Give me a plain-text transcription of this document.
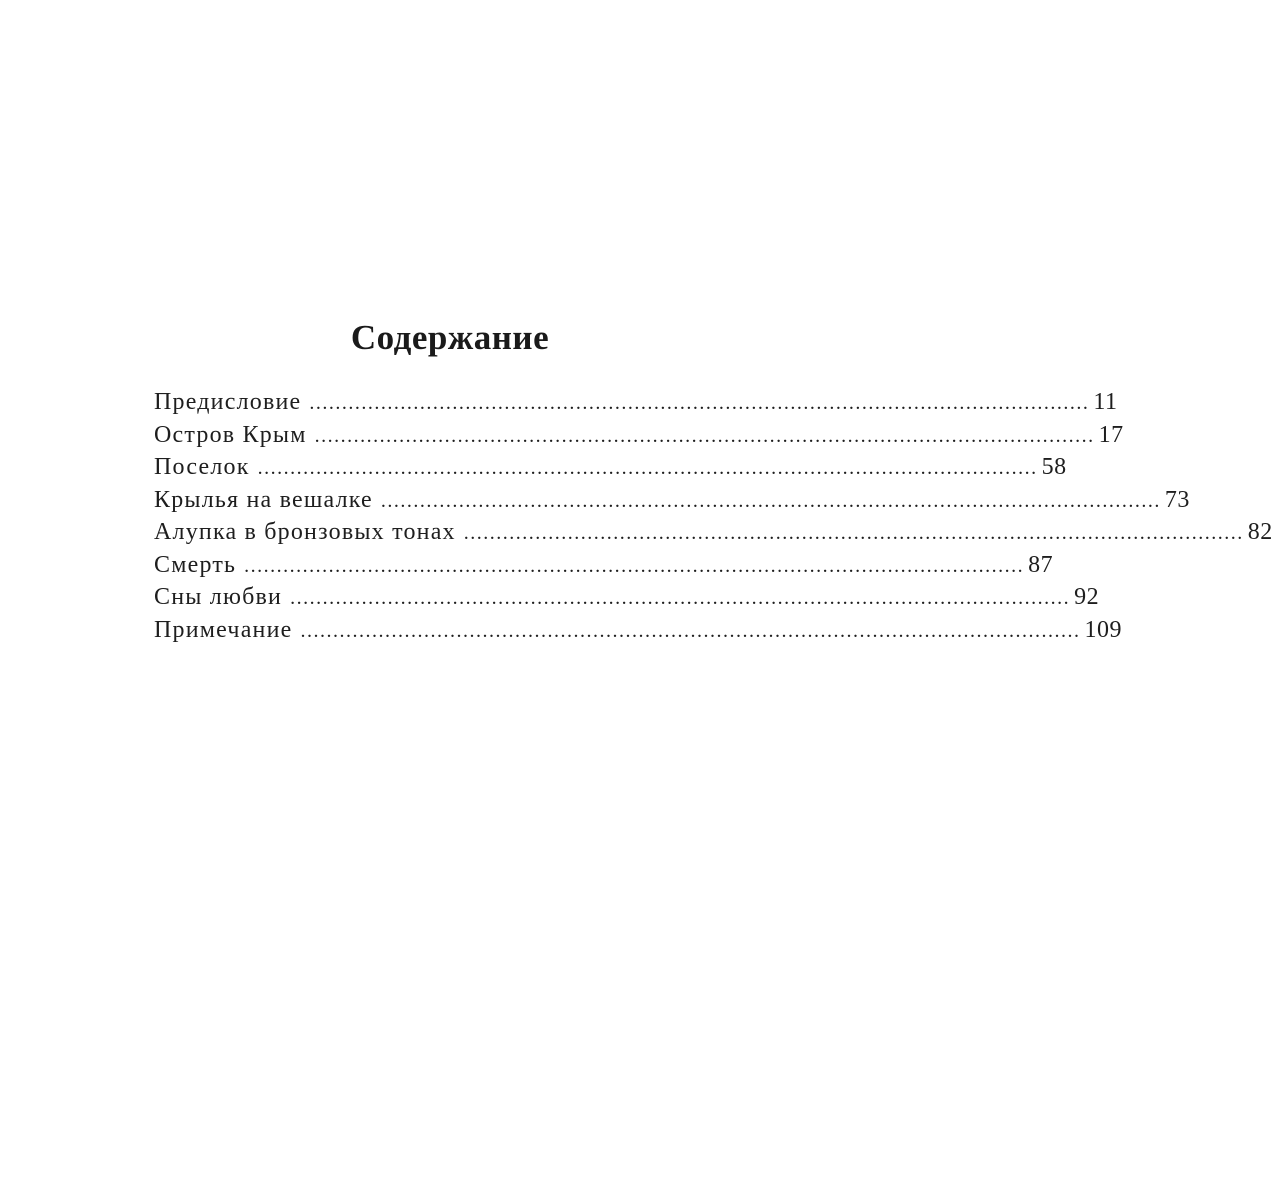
Содержание
Предисловие ........................................................................................................................ 11
Остров Крым ........................................................................................................................ 17
Поселок ........................................................................................................................ 58
Крылья на вешалке ........................................................................................................................ 73
Алупка в бронзовых тонах ........................................................................................................................ 82
Смерть ........................................................................................................................ 87
Сны любви ........................................................................................................................ 92
Примечание ........................................................................................................................ 109
